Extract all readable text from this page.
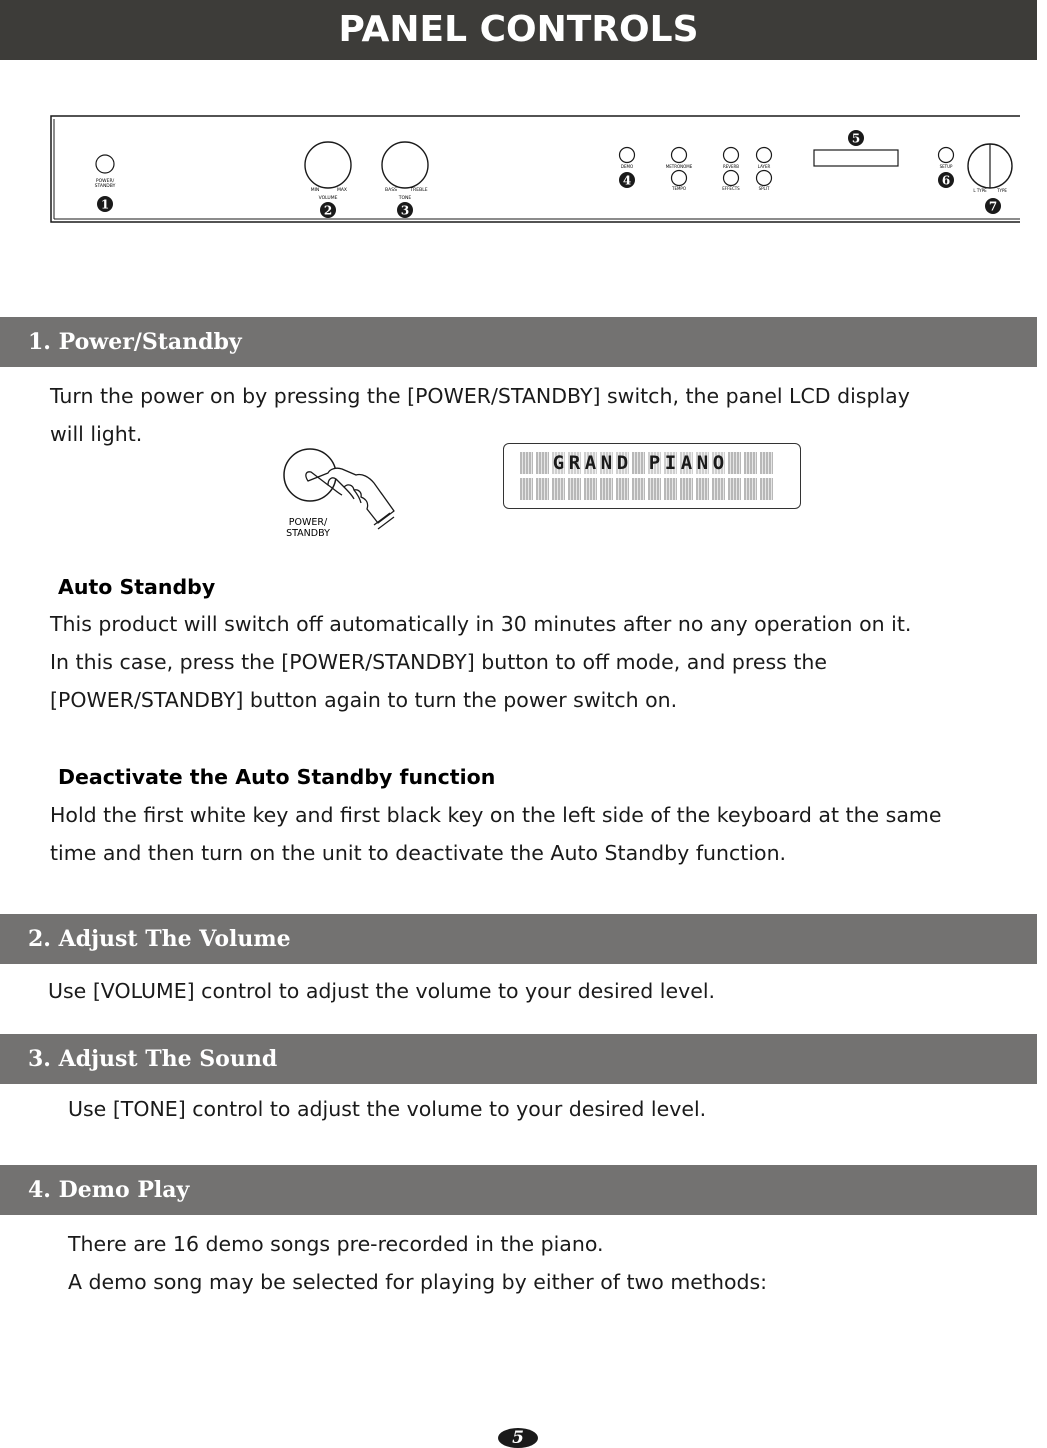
PANEL CONTROLS
POWER/
STANDBY
MIN	MAX
VOLUME
BASS	TREBLE
TONE
DEMO	METRONOME
TEMPO
REVERB	LAYER
EFFECTS	SPLIT
SETUP
L TYPE	TYPE
1	2	3
4
5
6
7
1. Power/Standby

Turn the power on by pressing the [POWER/STANDBY] switch, the panel LCD display

will light.

POWER/
STANDBY
G R A N D P I A N O
Auto Standby

This product will switch off automatically in 30 minutes after no any operation on it.

In this case, press the [POWER/STANDBY] button to off mode, and press the

[POWER/STANDBY] button again to turn the power switch on.

Deactivate the Auto Standby function

Hold the first white key and first black key on the left side of the keyboard at the same

time and then turn on the unit to deactivate the Auto Standby function.

2. Adjust The Volume

Use [VOLUME] control to adjust the volume to your desired level.

3. Adjust The Sound

Use [TONE] control to adjust the volume to your desired level.

4. Demo Play

There are 16 demo songs pre-recorded in the piano.

A demo song may be selected for playing by either of two methods:

5
